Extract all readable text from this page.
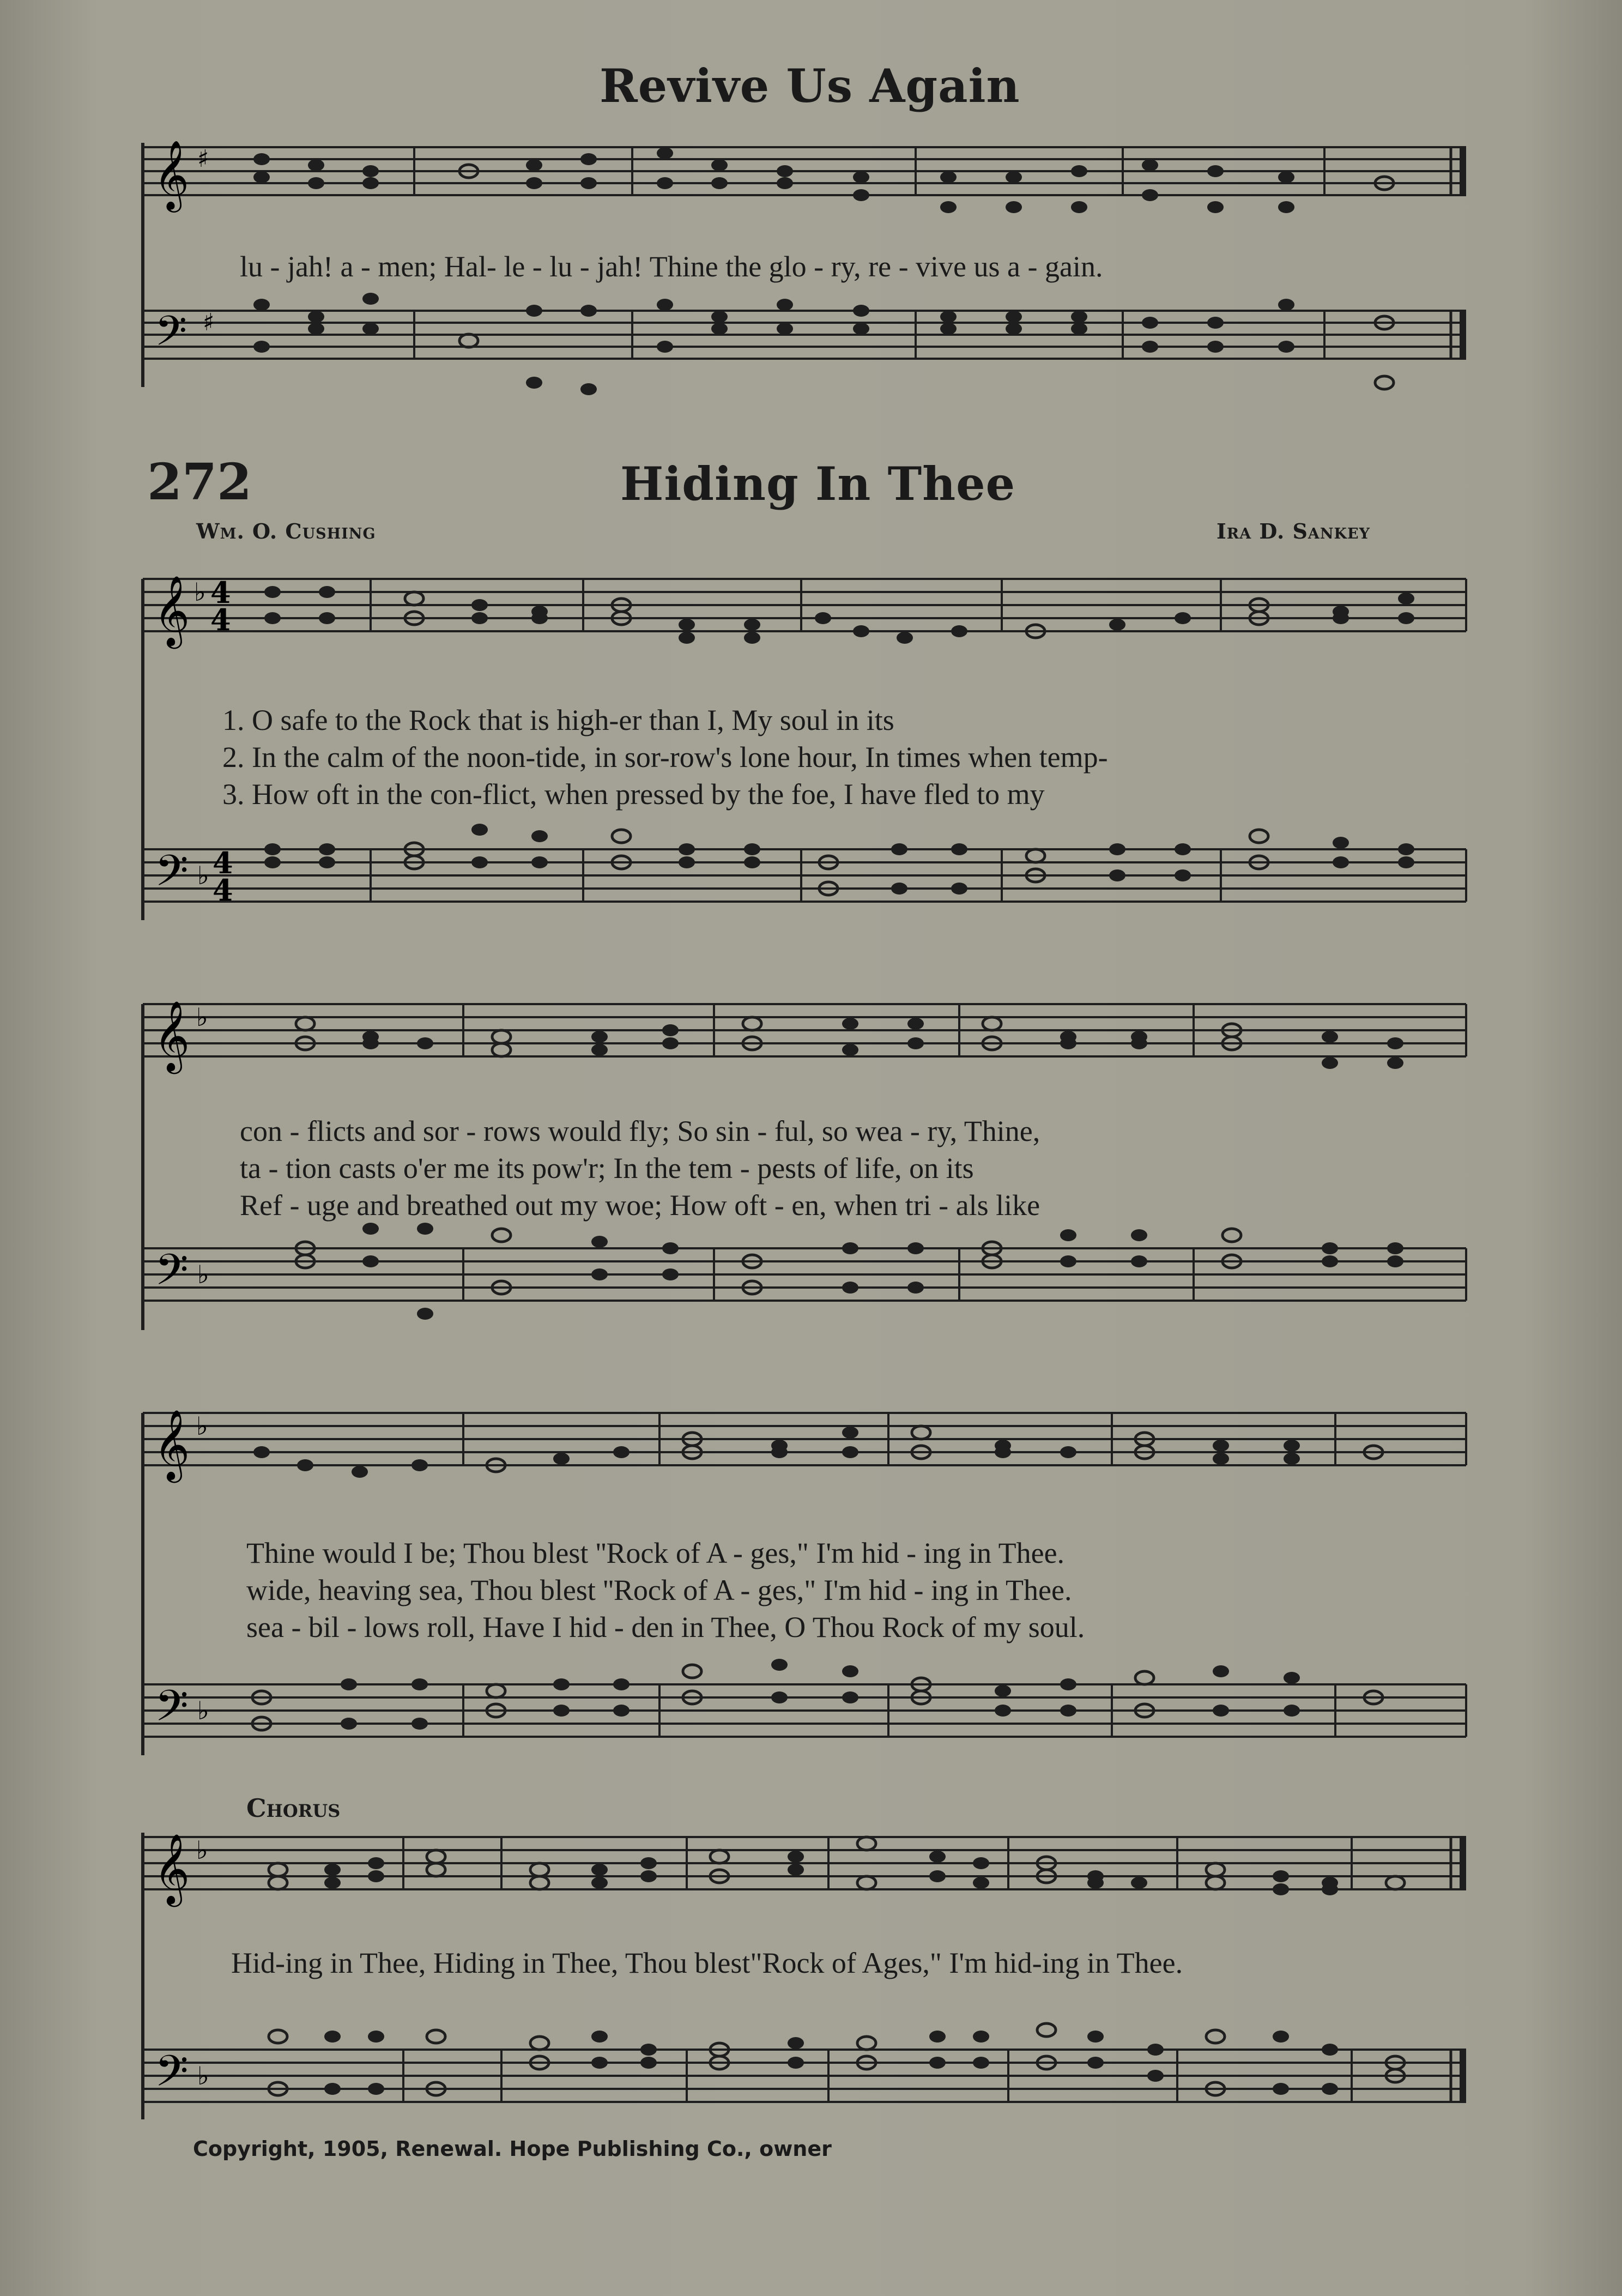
Revive Us Again
𝄞 ♯
𝄢 ♯
lu - jah! a - men; Hal- le - lu - jah! Thine the glo - ry, re - vive us a - gain.
272	Hiding In Thee
Wm. O. Cushing	Ira D. Sankey
𝄞 ♭ 4
4
𝄢 ♭ 4
4
1. O safe to the Rock that is high-er than I, My soul in its
2. In the calm of the noon-tide, in sor-row's lone hour, In times when temp-
3. How oft in the con-flict, when pressed by the foe, I have fled to my
𝄞 ♭
𝄢 ♭
con - flicts and sor - rows would fly; So sin - ful, so wea - ry, Thine,
ta - tion casts o'er me its pow'r; In the tem - pests of life, on its
Ref - uge and breathed out my woe; How oft - en, when tri - als like
𝄞 ♭
𝄢 ♭
Thine would I be; Thou blest ''Rock of A - ges," I'm hid - ing in Thee.
wide, heaving sea, Thou blest ''Rock of A - ges," I'm hid - ing in Thee.
sea - bil - lows roll, Have I hid - den in Thee, O Thou Rock of my soul.
Chorus
𝄞 ♭
𝄢 ♭
Hid-ing in Thee, Hiding in Thee, Thou blest"Rock of Ages," I'm hid-ing in Thee.
Copyright, 1905, Renewal. Hope Publishing Co., owner
